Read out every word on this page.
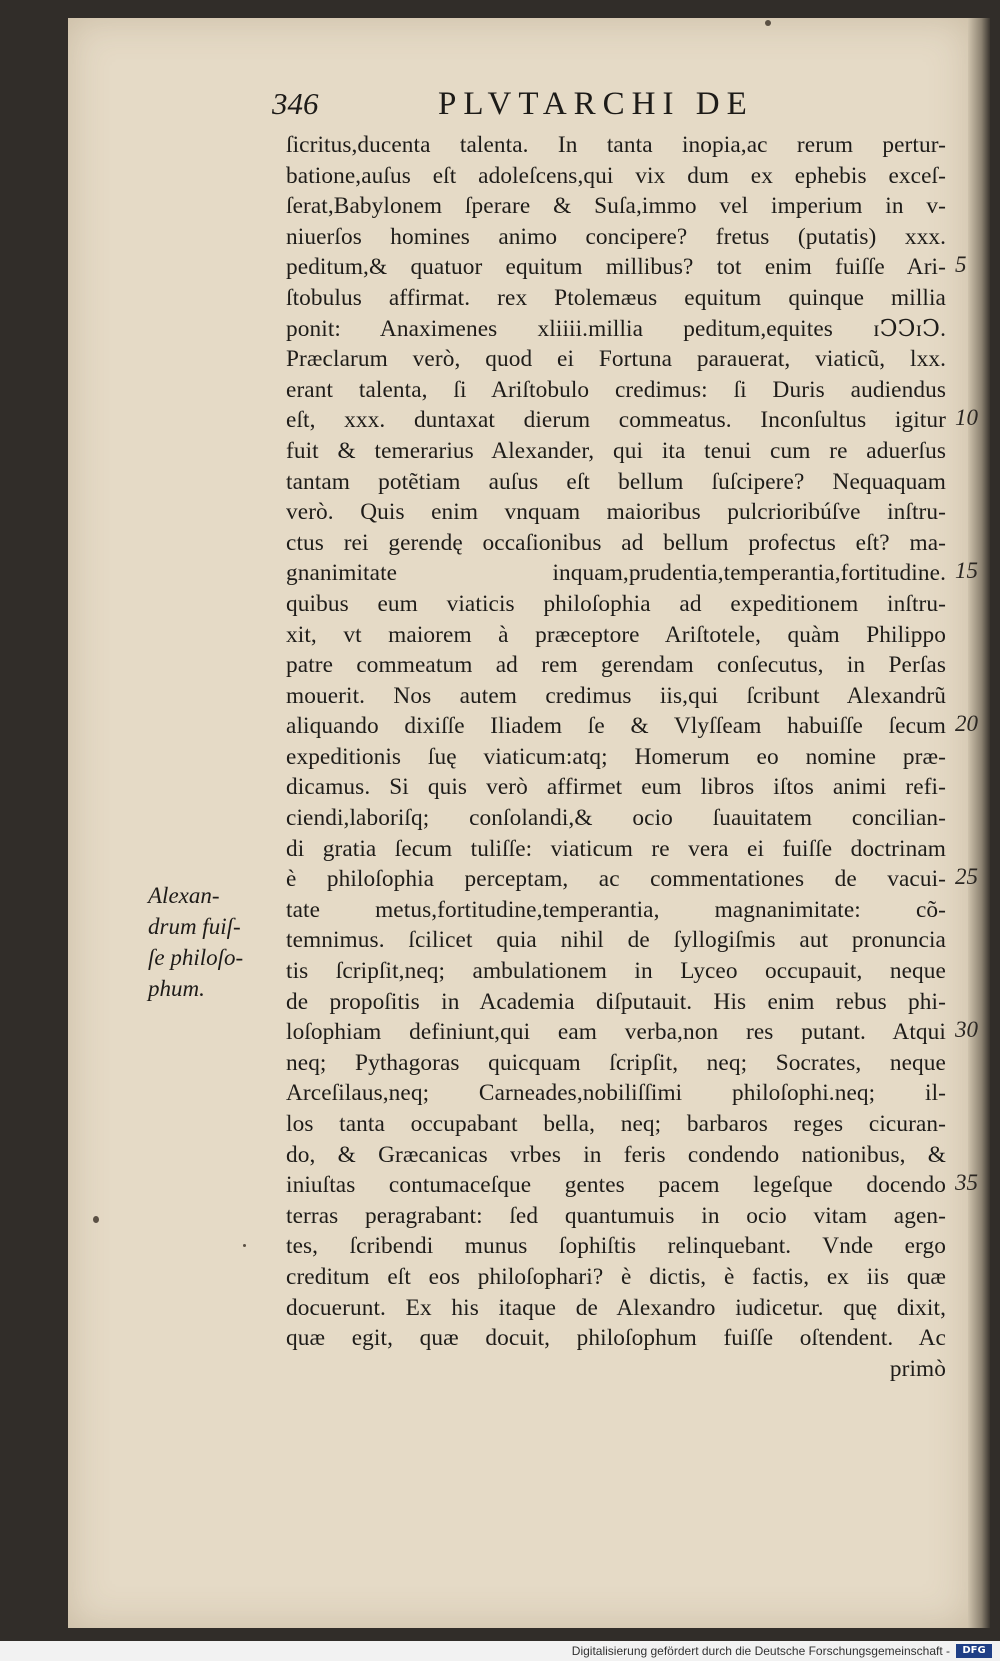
346	PLVTARCHI DE
ſicritus,ducenta talenta. In tanta inopia,ac rerum pertur-
batione,auſus eſt adoleſcens,qui vix dum ex ephebis exceſ-
ſerat,Babylonem ſperare & Suſa,immo vel imperium in v-
niuerſos homines animo concipere? fretus (putatis) xxx.
peditum,& quatuor equitum millibus? tot enim fuiſſe Ari-
ſtobulus affirmat. rex Ptolemæus equitum quinque millia
ponit: Anaximenes xliiii.millia peditum,equites ɪↃↃɪↃ.
Præclarum verò, quod ei Fortuna parauerat, viaticũ, lxx.
erant talenta, ſi Ariſtobulo credimus: ſi Duris audiendus
eſt, xxx. duntaxat dierum commeatus. Inconſultus igitur
fuit & temerarius Alexander, qui ita tenui cum re aduerſus
tantam potẽtiam auſus eſt bellum ſuſcipere? Nequaquam
verò. Quis enim vnquam maioribus pulcrioribúſve inſtru-
ctus rei gerendę occaſionibus ad bellum profectus eſt? ma-
gnanimitate inquam,prudentia,temperantia,fortitudine.
quibus eum viaticis philoſophia ad expeditionem inſtru-
xit, vt maiorem à præceptore Ariſtotele, quàm Philippo
patre commeatum ad rem gerendam conſecutus, in Perſas
mouerit. Nos autem credimus iis,qui ſcribunt Alexandrũ
aliquando dixiſſe Iliadem ſe & Vlyſſeam habuiſſe ſecum
expeditionis ſuę viaticum:atq; Homerum eo nomine præ-
dicamus. Si quis verò affirmet eum libros iſtos animi refi-
ciendi,laboriſq; conſolandi,& ocio ſuauitatem concilian-
di gratia ſecum tuliſſe: viaticum re vera ei fuiſſe doctrinam
è philoſophia perceptam, ac commentationes de vacui-
tate metus,fortitudine,temperantia, magnanimitate: cõ-
temnimus. ſcilicet quia nihil de ſyllogiſmis aut pronuncia
tis ſcripſit,neq; ambulationem in Lyceo occupauit, neque
de propoſitis in Academia diſputauit. His enim rebus phi-
loſophiam definiunt,qui eam verba,non res putant. Atqui
neq; Pythagoras quicquam ſcripſit, neq; Socrates, neque
Arceſilaus,neq; Carneades,nobiliſſimi philoſophi.neq; il-
los tanta occupabant bella, neq; barbaros reges cicuran-
do, & Græcanicas vrbes in feris condendo nationibus, &
iniuſtas contumaceſque gentes pacem legeſque docendo
terras peragrabant: ſed quantumuis in ocio vitam agen-
tes, ſcribendi munus ſophiſtis relinquebant. Vnde ergo
creditum eſt eos philoſophari? è dictis, è factis, ex iis quæ
docuerunt. Ex his itaque de Alexandro iudicetur. quę dixit,
quæ egit, quæ docuit, philoſophum fuiſſe oſtendent. Ac
primò
5
10
15
20
25
30
35
Alexan-
drum fuiſ-
ſe philoſo-
phum.
Digitalisierung gefördert durch die Deutsche Forschungsgemeinschaft -	DFG
